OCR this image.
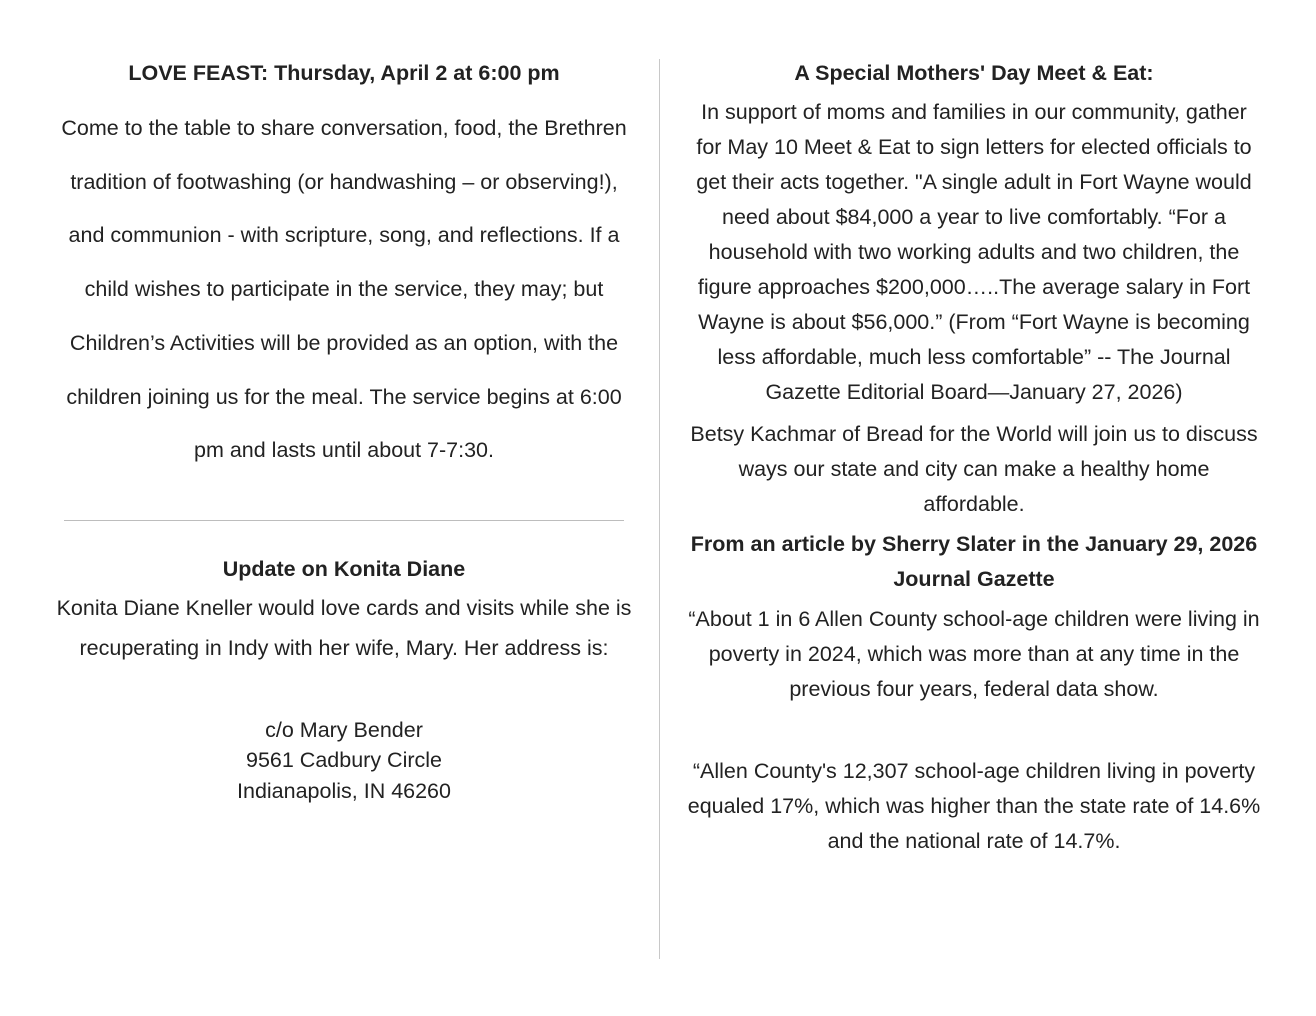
LOVE FEAST: Thursday, April 2 at 6:00 pm

Come to the table to share conversation, food, the Brethren tradition of footwashing (or handwashing – or observing!), and communion - with scripture, song, and reflections. If a child wishes to participate in the service, they may; but Children’s Activities will be provided as an option, with the children joining us for the meal. The service begins at 6:00 pm and lasts until about 7-7:30.

Update on Konita Diane

Konita Diane Kneller would love cards and visits while she is recuperating in Indy with her wife, Mary. Her address is:

c/o Mary Bender

9561 Cadbury Circle

Indianapolis, IN 46260

A Special Mothers' Day Meet & Eat:

In support of moms and families in our community, gather for May 10 Meet & Eat to sign letters for elected officials to get their acts together. "A single adult in Fort Wayne would need about $84,000 a year to live comfortably. “For a household with two working adults and two children, the figure approaches $200,000…..The average salary in Fort Wayne is about $56,000.” (From “Fort Wayne is becoming less affordable, much less comfortable” -- The Journal Gazette Editorial Board—January 27, 2026)

Betsy Kachmar of Bread for the World will join us to discuss ways our state and city can make a healthy home affordable.

From an article by Sherry Slater in the January 29, 2026 Journal Gazette

“About 1 in 6 Allen County school-age children were living in poverty in 2024, which was more than at any time in the previous four years, federal data show.

“Allen County's 12,307 school-age children living in poverty equaled 17%, which was higher than the state rate of 14.6% and the national rate of 14.7%.
